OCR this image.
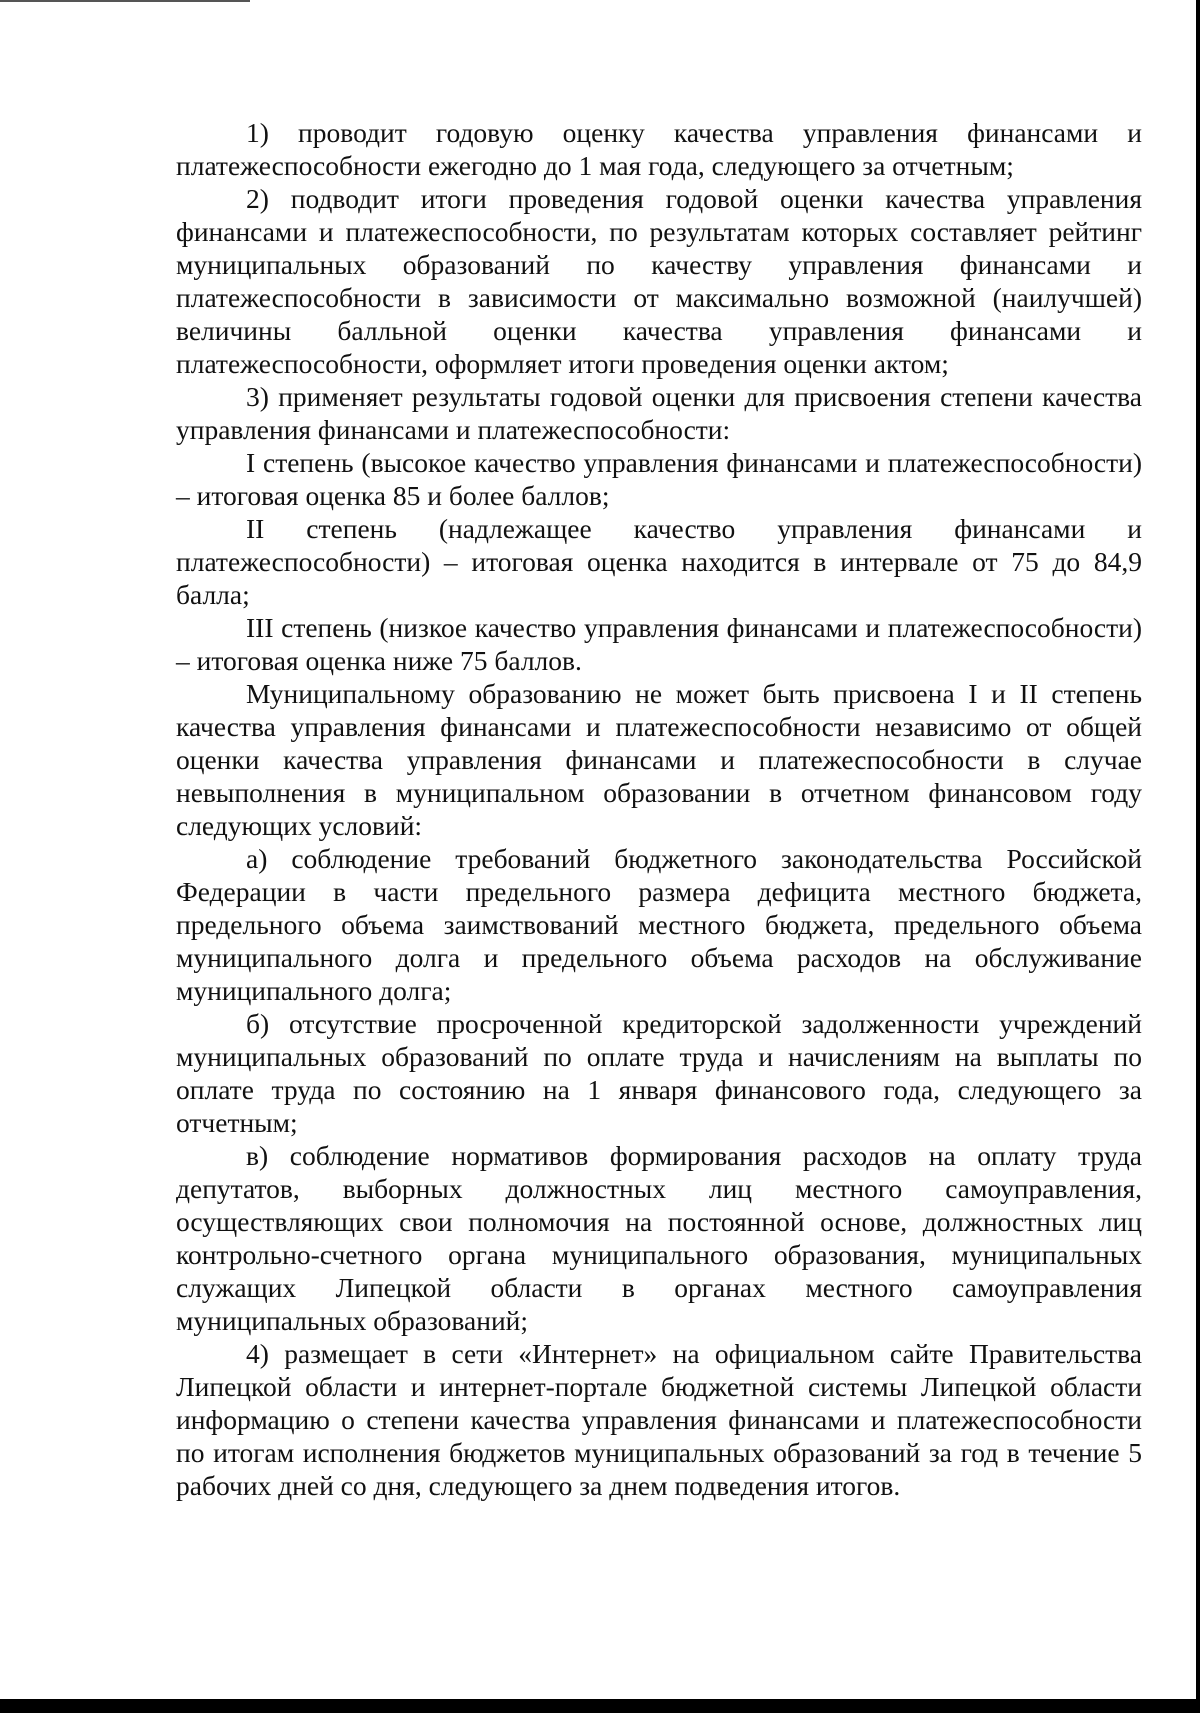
1) проводит годовую оценку качества управления финансами и платежеспособности ежегодно до 1 мая года, следующего за отчетным;

2) подводит итоги проведения годовой оценки качества управления финансами и платежеспособности, по результатам которых составляет рейтинг муниципальных образований по качеству управления финансами и платежеспособности в зависимости от максимально возможной (наилучшей) величины балльной оценки качества управления финансами и платежеспособности, оформляет итоги проведения оценки актом;

3) применяет результаты годовой оценки для присвоения степени качества управления финансами и платежеспособности:

I степень (высокое качество управления финансами и платежеспособности) – итоговая оценка 85 и более баллов;

II степень (надлежащее качество управления финансами и платежеспособности) – итоговая оценка находится в интервале от 75 до 84,9 балла;

III степень (низкое качество управления финансами и платежеспособности) – итоговая оценка ниже 75 баллов.

Муниципальному образованию не может быть присвоена I и II степень качества управления финансами и платежеспособности независимо от общей оценки качества управления финансами и платежеспособности в случае невыполнения в муниципальном образовании в отчетном финансовом году следующих условий:

а) соблюдение требований бюджетного законодательства Российской Федерации в части предельного размера дефицита местного бюджета, предельного объема заимствований местного бюджета, предельного объема муниципального долга и предельного объема расходов на обслуживание муниципального долга;

б) отсутствие просроченной кредиторской задолженности учреждений муниципальных образований по оплате труда и начислениям на выплаты по оплате труда по состоянию на 1 января финансового года, следующего за отчетным;

в) соблюдение нормативов формирования расходов на оплату труда депутатов, выборных должностных лиц местного самоуправления, осуществляющих свои полномочия на постоянной основе, должностных лиц контрольно-счетного органа муниципального образования, муниципальных служащих Липецкой области в органах местного самоуправления муниципальных образований;

4) размещает в сети «Интернет» на официальном сайте Правительства Липецкой области и интернет-портале бюджетной системы Липецкой области информацию о степени качества управления финансами и платежеспособности по итогам исполнения бюджетов муниципальных образований за год в течение 5 рабочих дней со дня, следующего за днем подведения итогов.
